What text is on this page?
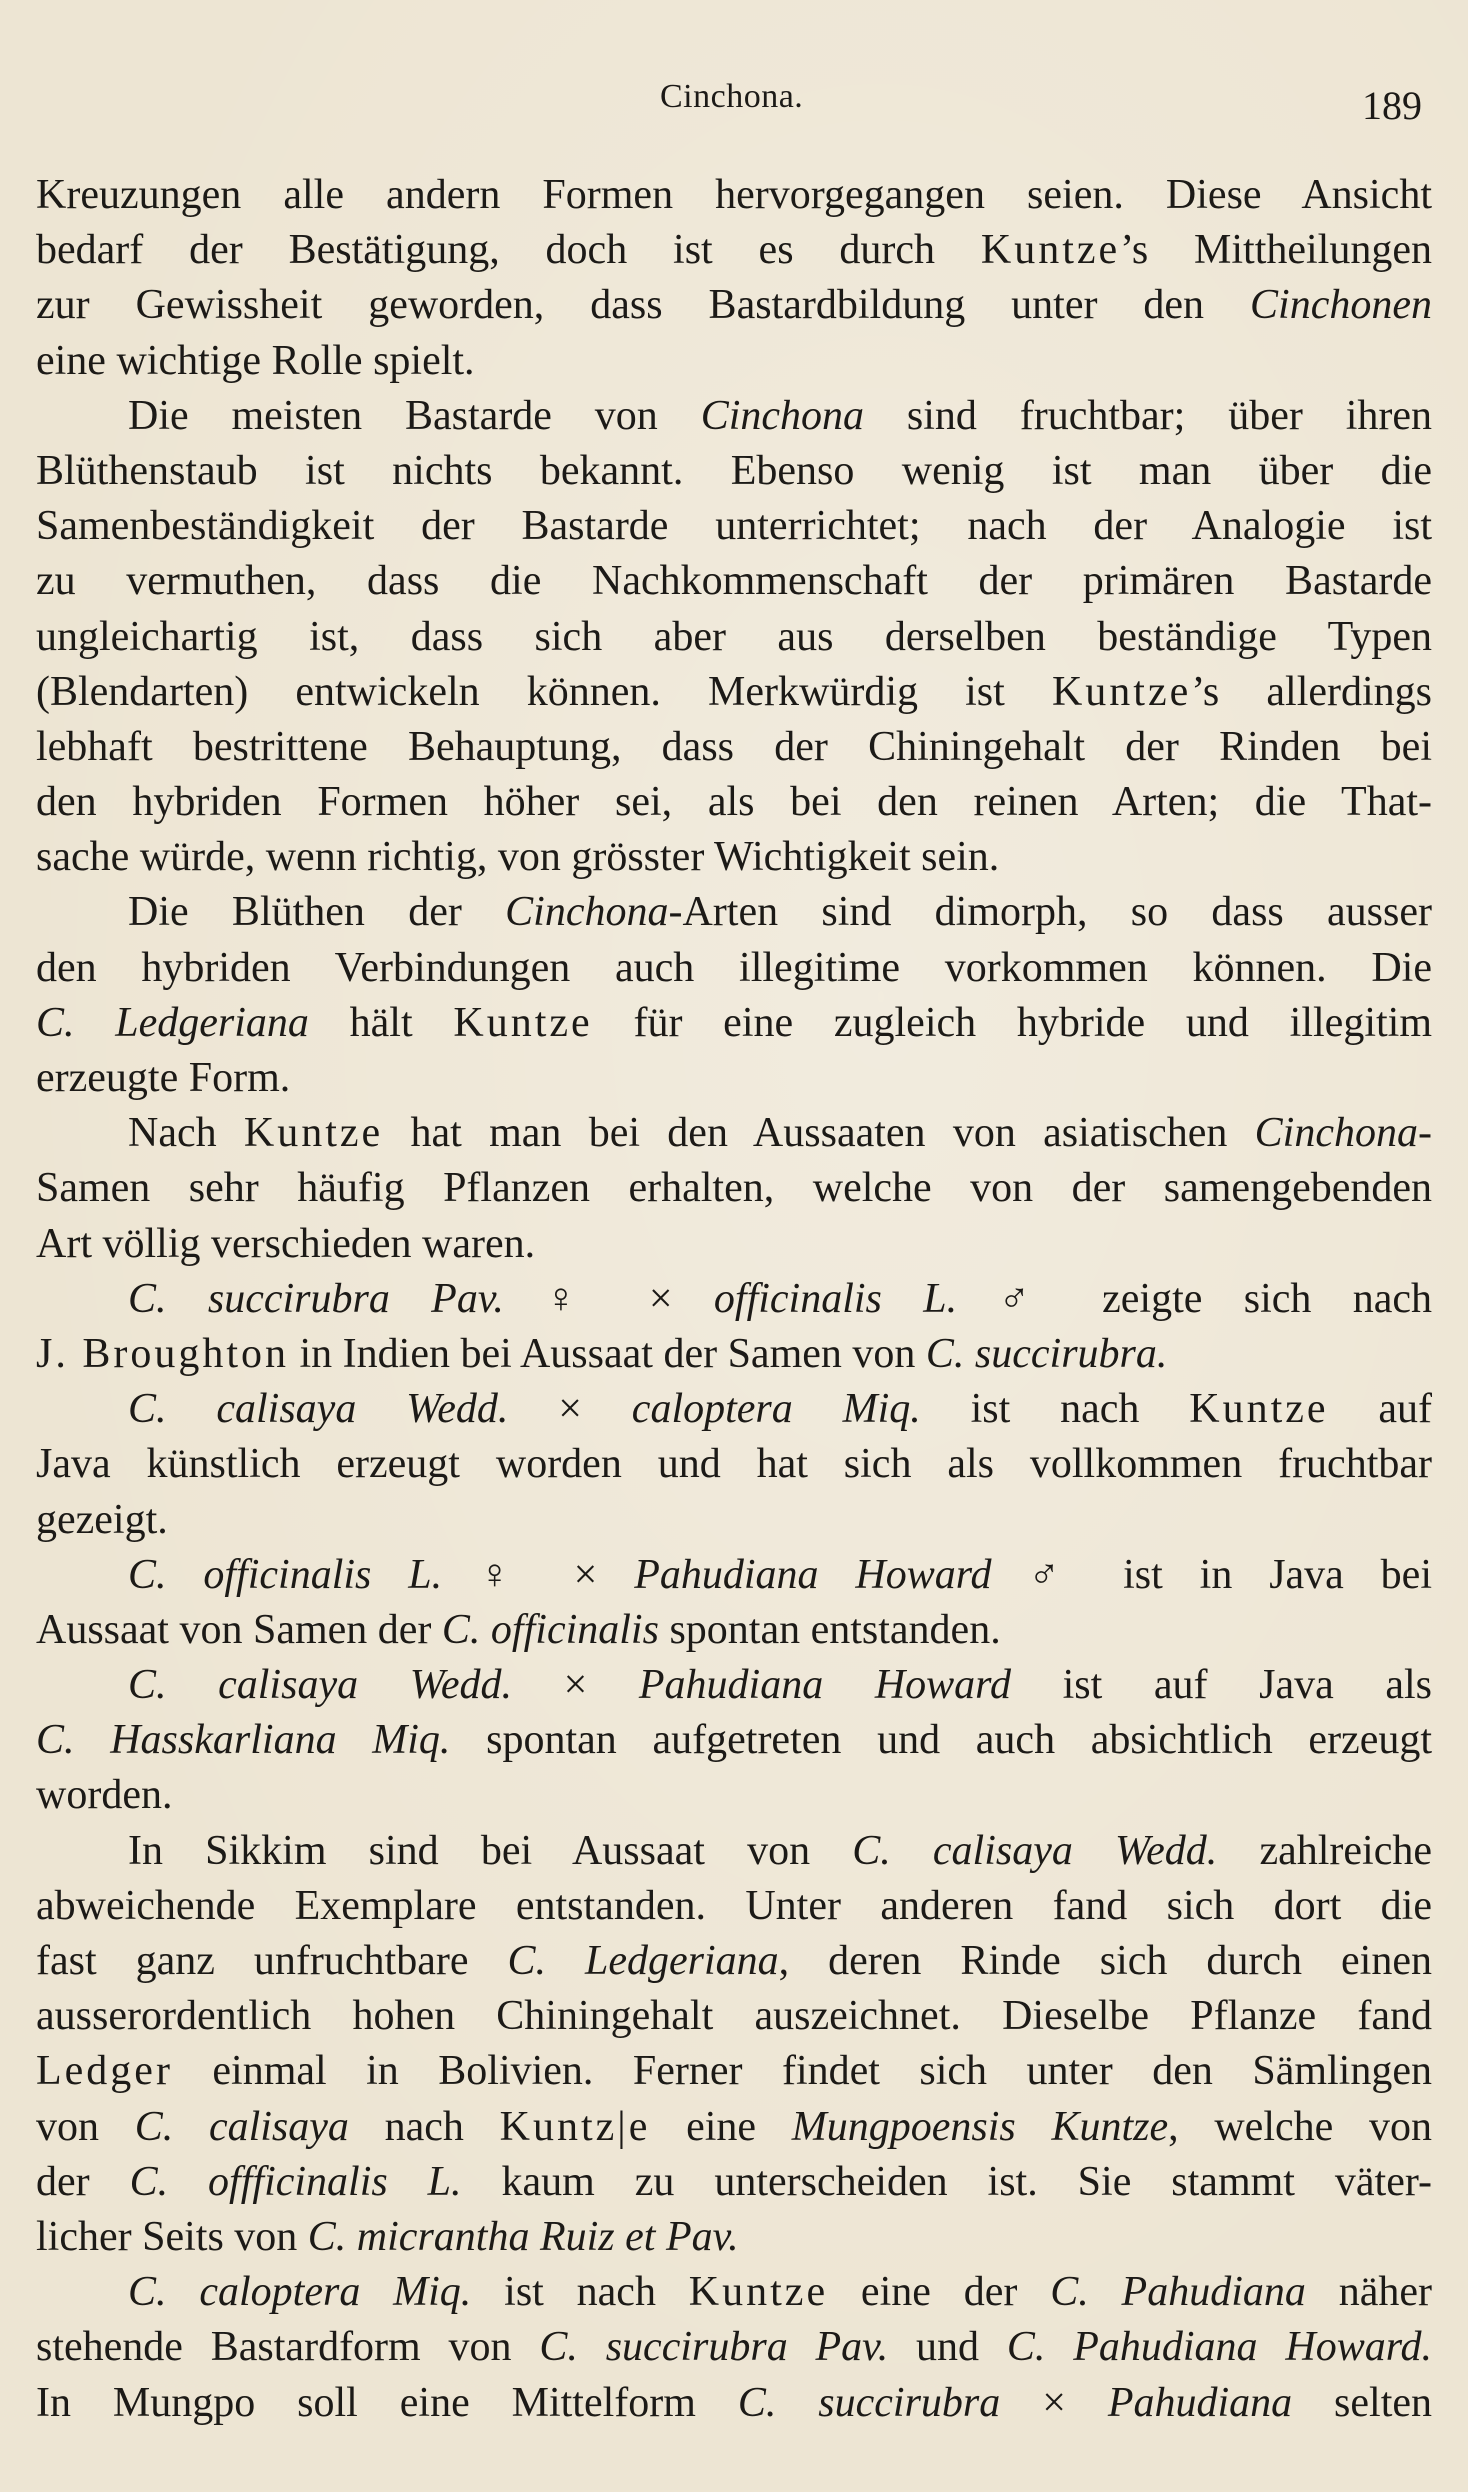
Cinchona.	189
Kreuzungen alle andern Formen hervorgegangen seien. Diese Ansicht
bedarf der Bestätigung, doch ist es durch Kuntze’s Mittheilungen
zur Gewissheit geworden, dass Bastardbildung unter den Cinchonen
eine wichtige Rolle spielt.
Die meisten Bastarde von Cinchona sind fruchtbar; über ihren
Blüthenstaub ist nichts bekannt. Ebenso wenig ist man über die
Samenbeständigkeit der Bastarde unterrichtet; nach der Analogie ist
zu vermuthen, dass die Nachkommenschaft der primären Bastarde
ungleichartig ist, dass sich aber aus derselben beständige Typen
(Blendarten) entwickeln können. Merkwürdig ist Kuntze’s allerdings
lebhaft bestrittene Behauptung, dass der Chiningehalt der Rinden bei
den hybriden Formen höher sei, als bei den reinen Arten; die That-
sache würde, wenn richtig, von grösster Wichtigkeit sein.
Die Blüthen der Cinchona-Arten sind dimorph, so dass ausser
den hybriden Verbindungen auch illegitime vorkommen können. Die
C. Ledgeriana hält Kuntze für eine zugleich hybride und illegitim
erzeugte Form.
Nach Kuntze hat man bei den Aussaaten von asiatischen Cinchona-
Samen sehr häufig Pflanzen erhalten, welche von der samengebenden
Art völlig verschieden waren.
C. succirubra Pav. ♀ × officinalis L. ♂ zeigte sich nach
J. Broughton in Indien bei Aussaat der Samen von C. succirubra.
C. calisaya Wedd. × caloptera Miq. ist nach Kuntze auf
Java künstlich erzeugt worden und hat sich als vollkommen fruchtbar
gezeigt.
C. officinalis L. ♀ × Pahudiana Howard ♂ ist in Java bei
Aussaat von Samen der C. officinalis spontan entstanden.
C. calisaya Wedd. × Pahudiana Howard ist auf Java als
C. Hasskarliana Miq. spontan aufgetreten und auch absichtlich erzeugt
worden.
In Sikkim sind bei Aussaat von C. calisaya Wedd. zahlreiche
abweichende Exemplare entstanden. Unter anderen fand sich dort die
fast ganz unfruchtbare C. Ledgeriana, deren Rinde sich durch einen
ausserordentlich hohen Chiningehalt auszeichnet. Dieselbe Pflanze fand
Ledger einmal in Bolivien. Ferner findet sich unter den Sämlingen
von C. calisaya nach Kuntz|e eine Mungpoensis Kuntze, welche von
der C. offficinalis L. kaum zu unterscheiden ist. Sie stammt väter-
licher Seits von C. micrantha Ruiz et Pav.
C. caloptera Miq. ist nach Kuntze eine der C. Pahudiana näher
stehende Bastardform von C. succirubra Pav. und C. Pahudiana Howard.
In Mungpo soll eine Mittelform C. succirubra × Pahudiana selten
